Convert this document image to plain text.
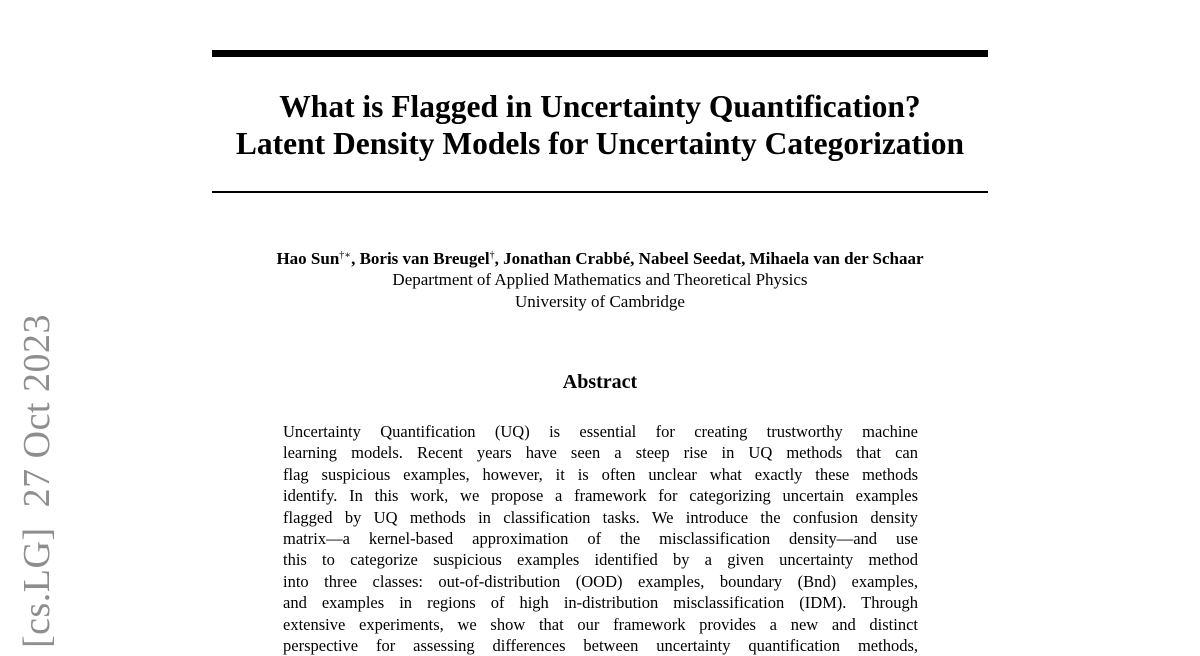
[cs.LG]  27 Oct 2023
What is Flagged in Uncertainty Quantification?
Latent Density Models for Uncertainty Categorization
Hao Sun†∗, Boris van Breugel†, Jonathan Crabbé, Nabeel Seedat, Mihaela van der Schaar
Department of Applied Mathematics and Theoretical Physics
University of Cambridge
Abstract
Uncertainty Quantification (UQ) is essential for creating trustworthy machine
learning models. Recent years have seen a steep rise in UQ methods that can
flag suspicious examples, however, it is often unclear what exactly these methods
identify. In this work, we propose a framework for categorizing uncertain examples
flagged by UQ methods in classification tasks. We introduce the confusion density
matrix—a kernel-based approximation of the misclassification density—and use
this to categorize suspicious examples identified by a given uncertainty method
into three classes: out-of-distribution (OOD) examples, boundary (Bnd) examples,
and examples in regions of high in-distribution misclassification (IDM). Through
extensive experiments, we show that our framework provides a new and distinct
perspective for assessing differences between uncertainty quantification methods,
